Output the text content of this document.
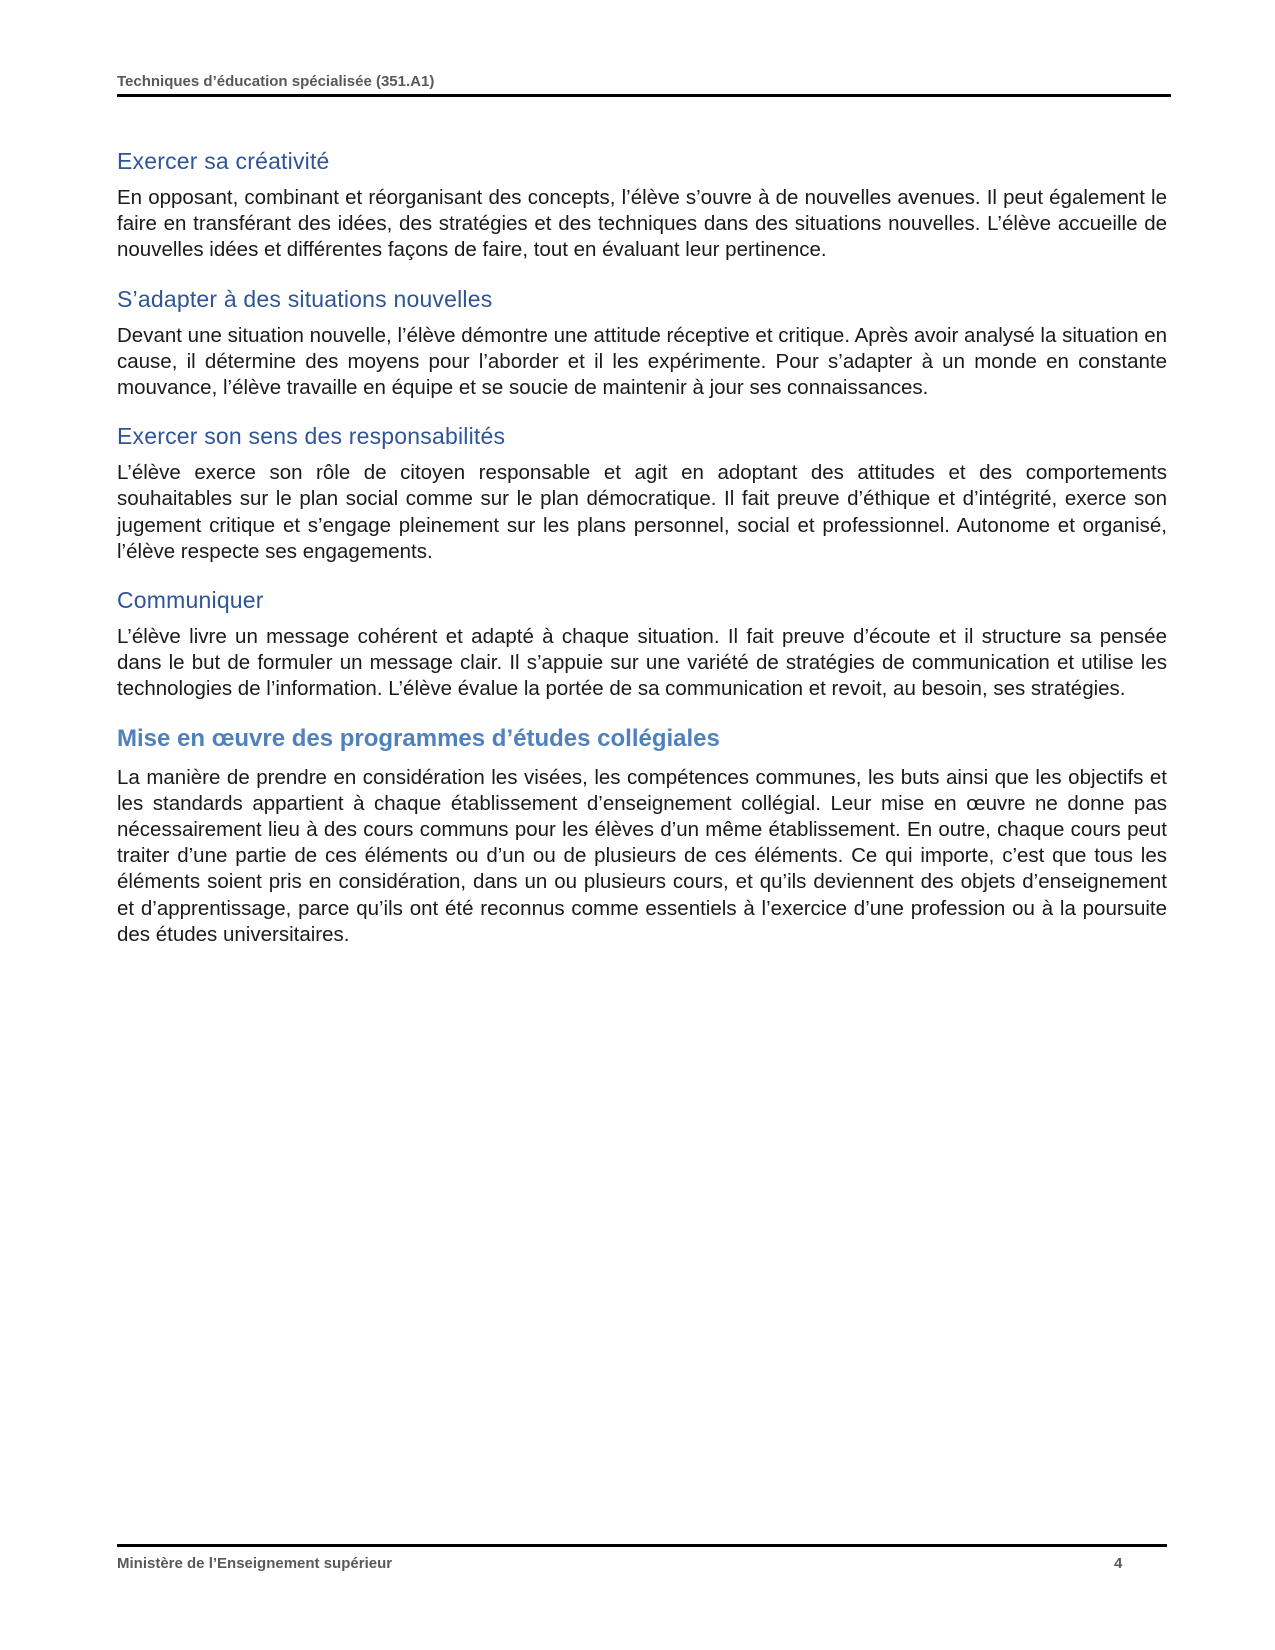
Techniques d’éducation spécialisée (351.A1)
Exercer sa créativité

En opposant, combinant et réorganisant des concepts, l’élève s’ouvre à de nouvelles avenues. Il peut également le faire en transférant des idées, des stratégies et des techniques dans des situations nouvelles. L’élève accueille de nouvelles idées et différentes façons de faire, tout en évaluant leur pertinence.

S’adapter à des situations nouvelles

Devant une situation nouvelle, l’élève démontre une attitude réceptive et critique. Après avoir analysé la situation en cause, il détermine des moyens pour l’aborder et il les expérimente. Pour s’adapter à un monde en constante mouvance, l’élève travaille en équipe et se soucie de maintenir à jour ses connaissances.

Exercer son sens des responsabilités

L’élève exerce son rôle de citoyen responsable et agit en adoptant des attitudes et des comportements souhaitables sur le plan social comme sur le plan démocratique. Il fait preuve d’éthique et d’intégrité, exerce son jugement critique et s’engage pleinement sur les plans personnel, social et professionnel. Autonome et organisé, l’élève respecte ses engagements.

Communiquer

L’élève livre un message cohérent et adapté à chaque situation. Il fait preuve d’écoute et il structure sa pensée dans le but de formuler un message clair. Il s’appuie sur une variété de stratégies de communication et utilise les technologies de l’information. L’élève évalue la portée de sa communication et revoit, au besoin, ses stratégies.

Mise en œuvre des programmes d’études collégiales

La manière de prendre en considération les visées, les compétences communes, les buts ainsi que les objectifs et les standards appartient à chaque établissement d’enseignement collégial. Leur mise en œuvre ne donne pas nécessairement lieu à des cours communs pour les élèves d’un même établissement. En outre, chaque cours peut traiter d’une partie de ces éléments ou d’un ou de plusieurs de ces éléments. Ce qui importe, c’est que tous les éléments soient pris en considération, dans un ou plusieurs cours, et qu’ils deviennent des objets d’enseignement et d’apprentissage, parce qu’ils ont été reconnus comme essentiels à l’exercice d’une profession ou à la poursuite des études universitaires.

Ministère de l’Enseignement supérieur	4
